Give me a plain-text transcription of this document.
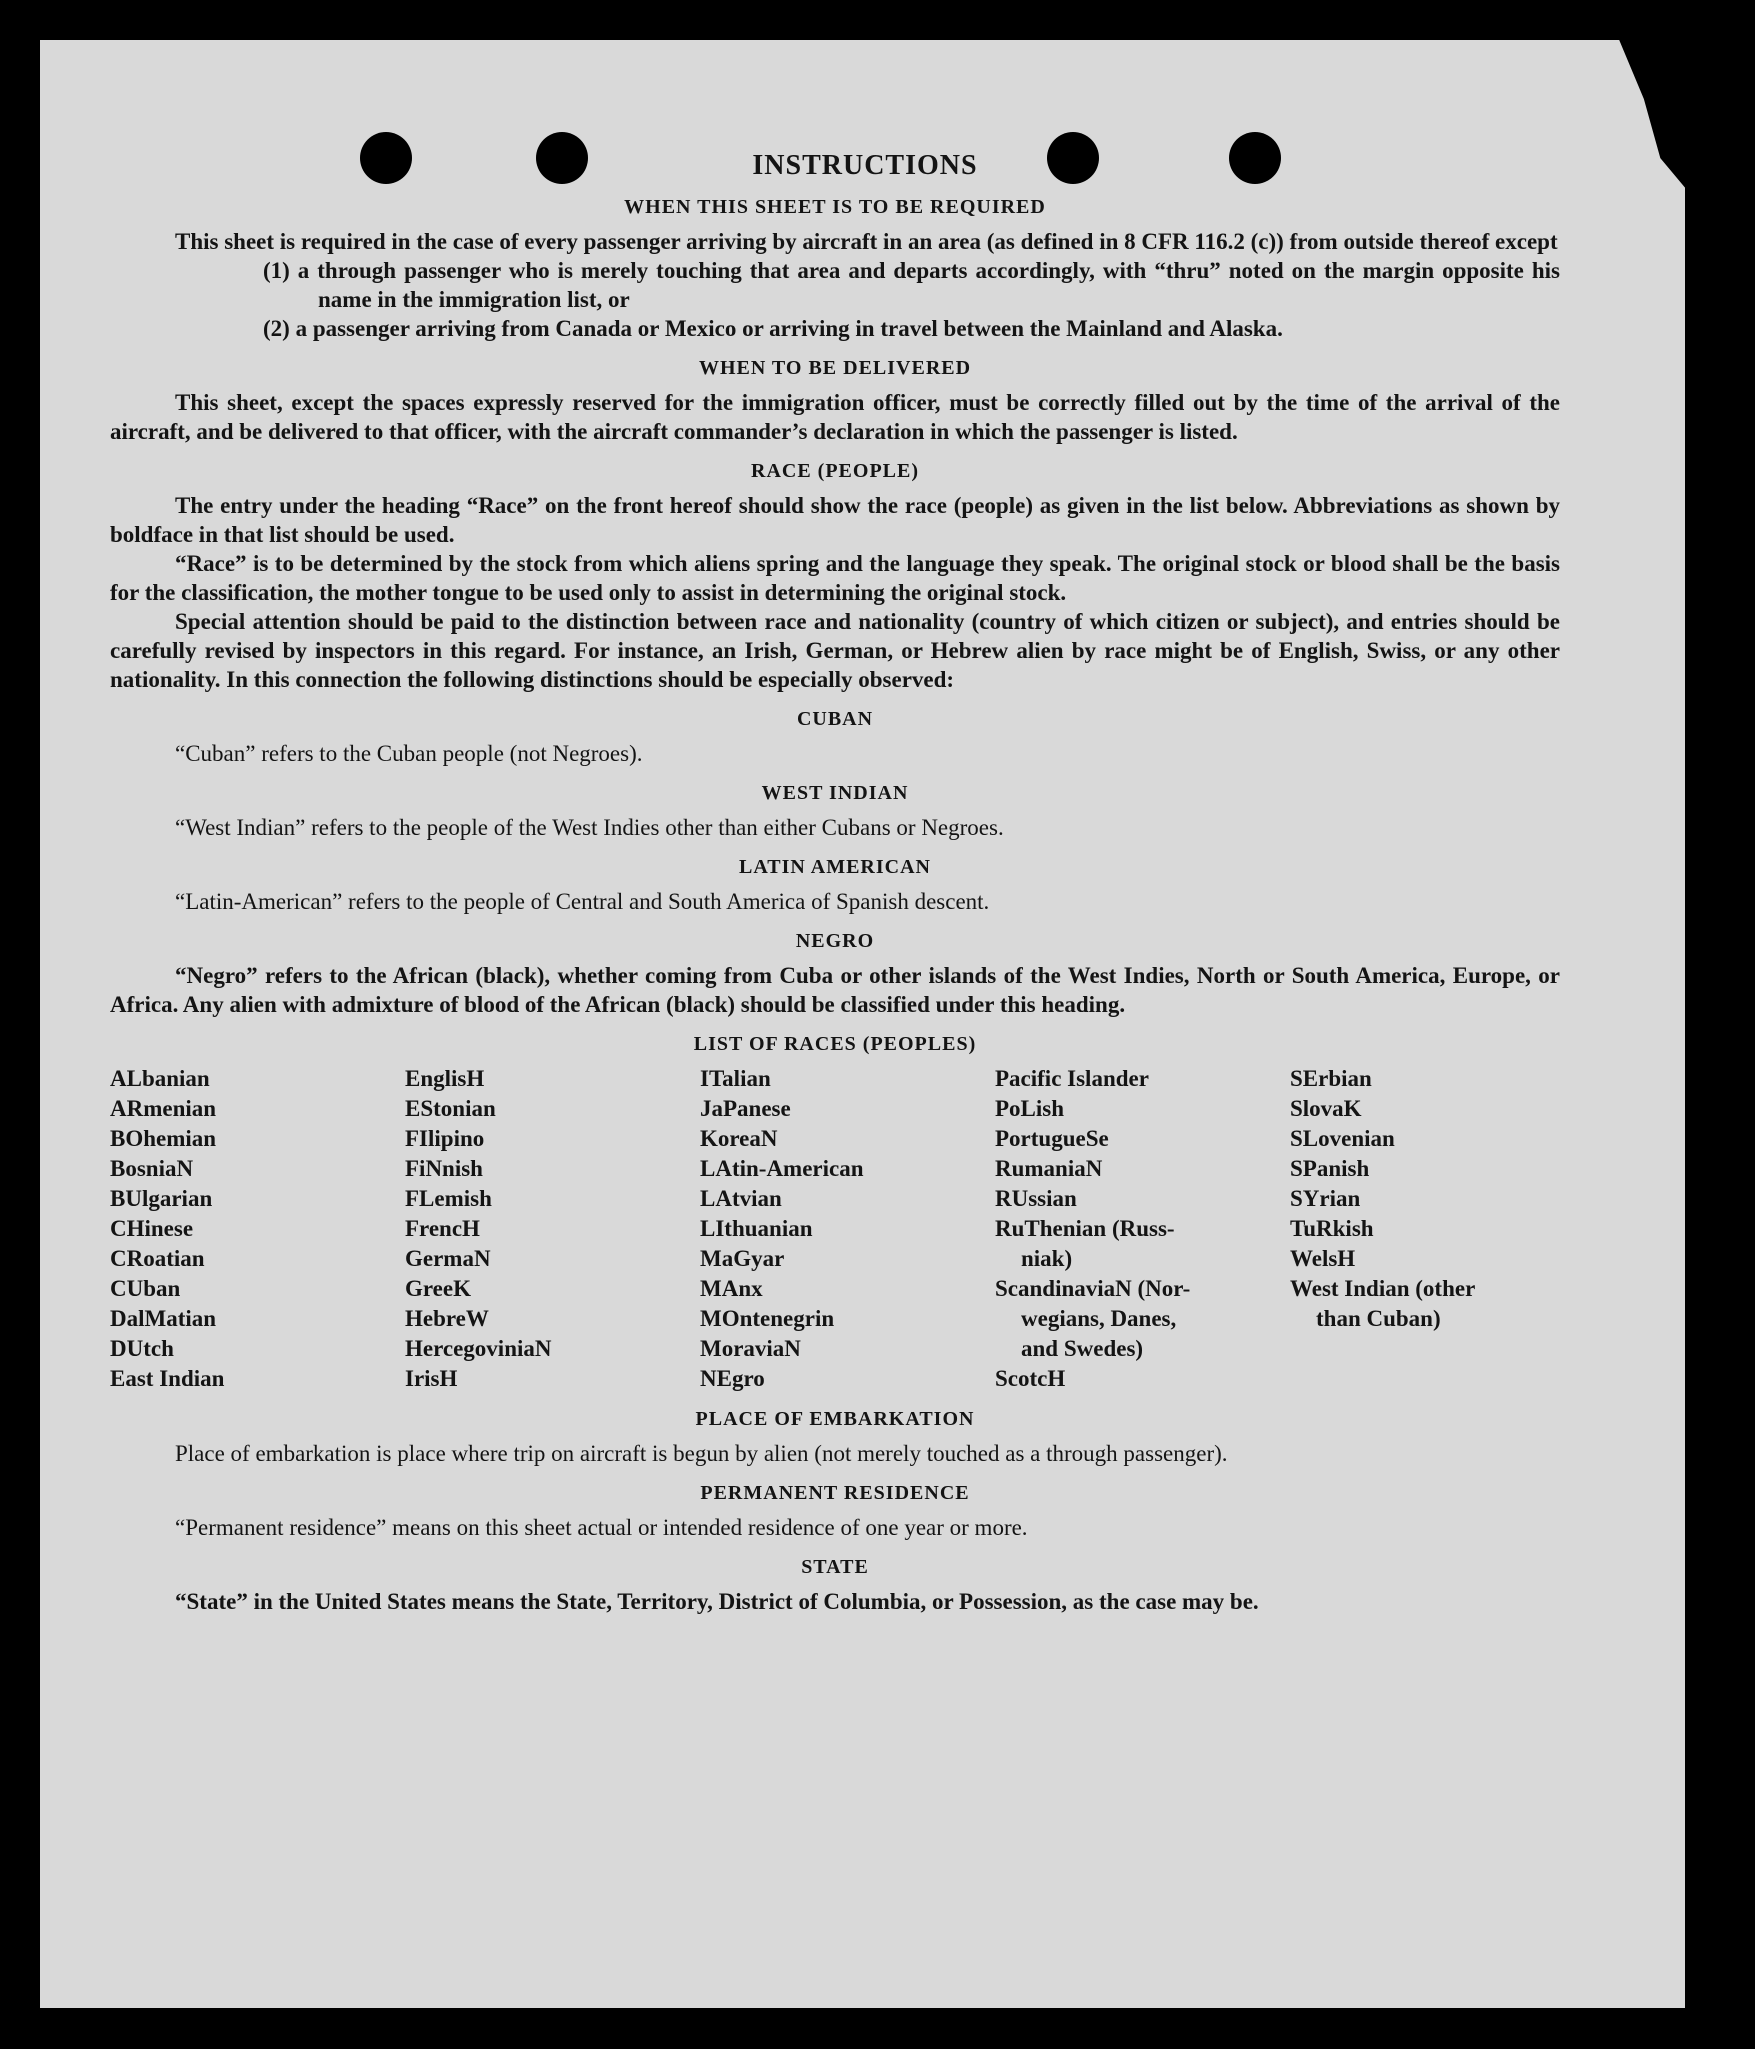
INSTRUCTIONS
WHEN THIS SHEET IS TO BE REQUIRED

This sheet is required in the case of every passenger arriving by aircraft in an area (as defined in 8 CFR 116.2 (c)) from outside thereof except

(1) a through passenger who is merely touching that area and departs accordingly, with “thru” noted on the margin opposite his name in the immigration list, or
(2) a passenger arriving from Canada or Mexico or arriving in travel between the Mainland and Alaska.
WHEN TO BE DELIVERED

This sheet, except the spaces expressly reserved for the immigration officer, must be correctly filled out by the time of the arrival of the aircraft, and be delivered to that officer, with the aircraft commander’s declaration in which the passenger is listed.

RACE (PEOPLE)

The entry under the heading “Race” on the front hereof should show the race (people) as given in the list below. Abbreviations as shown by boldface in that list should be used.

“Race” is to be determined by the stock from which aliens spring and the language they speak. The original stock or blood shall be the basis for the classification, the mother tongue to be used only to assist in determining the original stock.

Special attention should be paid to the distinction between race and nationality (country of which citizen or subject), and entries should be carefully revised by inspectors in this regard. For instance, an Irish, German, or Hebrew alien by race might be of English, Swiss, or any other nationality. In this connection the following distinctions should be especially observed:

CUBAN

“Cuban” refers to the Cuban people (not Negroes).

WEST INDIAN

“West Indian” refers to the people of the West Indies other than either Cubans or Negroes.

LATIN AMERICAN

“Latin-American” refers to the people of Central and South America of Spanish descent.

NEGRO

“Negro” refers to the African (black), whether coming from Cuba or other islands of the West Indies, North or South America, Europe, or Africa. Any alien with admixture of blood of the African (black) should be classified under this heading.

LIST OF RACES (PEOPLES)
ALbanian
ARmenian
BOhemian
BosniaN
BUlgarian
CHinese
CRoatian
CUban
DalMatian
DUtch
East Indian
EnglisH
EStonian
FIlipino
FiNnish
FLemish
FrencH
GermaN
GreeK
HebreW
HercegoviniaN
IrisH
ITalian
JaPanese
KoreaN
LAtin-American
LAtvian
LIthuanian
MaGyar
MAnx
MOntenegrin
MoraviaN
NEgro
Pacific Islander
PoLish
PortugueSe
RumaniaN
RUssian
RuThenian (Russ-
niak)
ScandinaviaN (Nor-
wegians, Danes,
and Swedes)
ScotcH
SErbian
SlovaK
SLovenian
SPanish
SYrian
TuRkish
WelsH
West Indian (other
than Cuban)
PLACE OF EMBARKATION

Place of embarkation is place where trip on aircraft is begun by alien (not merely touched as a through passenger).

PERMANENT RESIDENCE

“Permanent residence” means on this sheet actual or intended residence of one year or more.

STATE

“State” in the United States means the State, Territory, District of Columbia, or Possession, as the case may be.
